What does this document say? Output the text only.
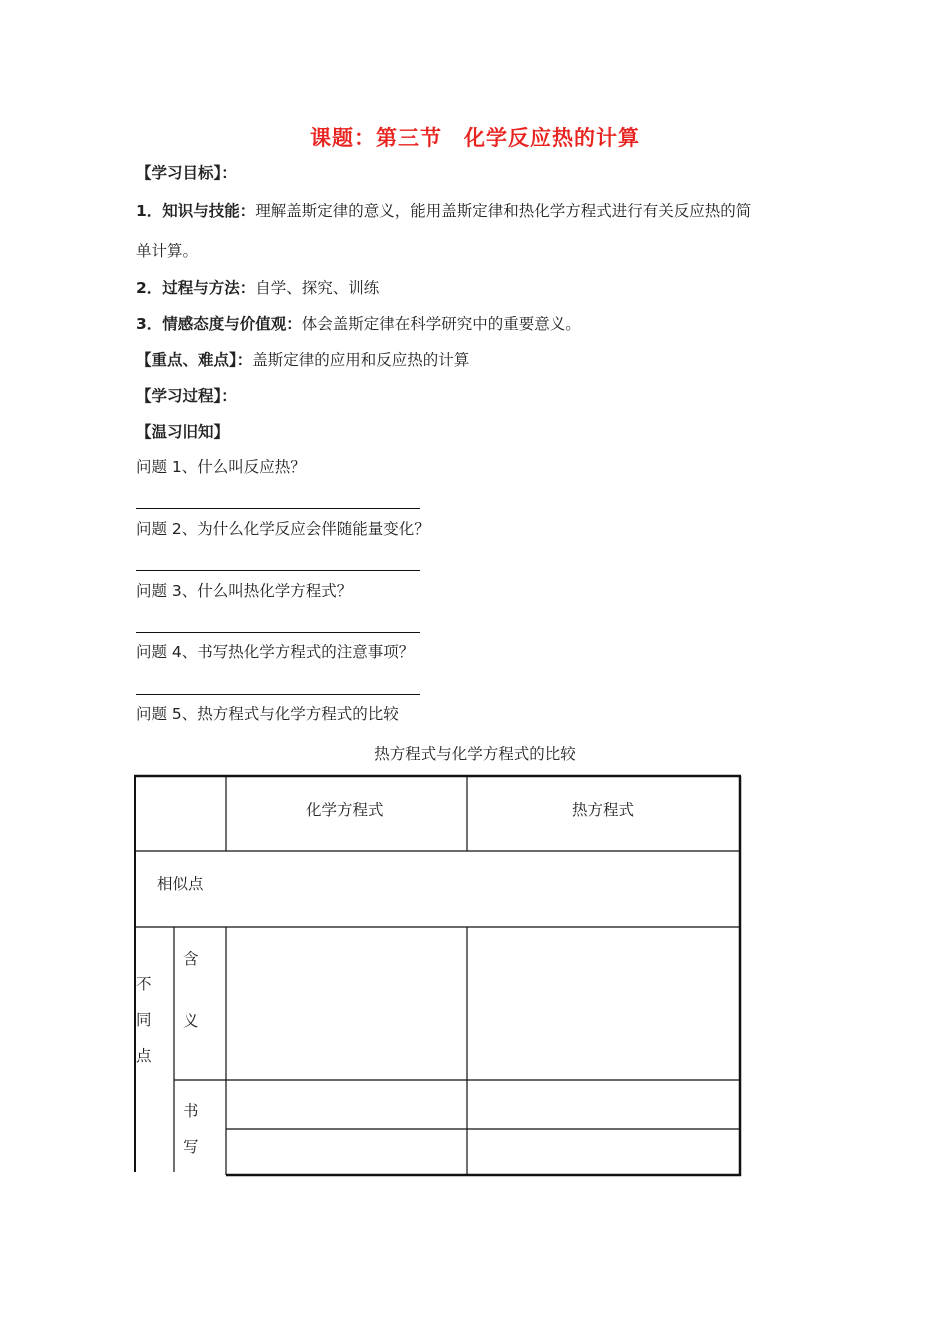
课题：第三节　化学反应热的计算
【学习目标】：
1．知识与技能：理解盖斯定律的意义，能用盖斯定律和热化学方程式进行有关反应热的简
单计算。
2．过程与方法：自学、探究、训练
3．情感态度与价值观：体会盖斯定律在科学研究中的重要意义。
【重点、难点】：盖斯定律的应用和反应热的计算
【学习过程】：
【温习旧知】
问题 1、什么叫反应热？
问题 2、为什么化学反应会伴随能量变化？
问题 3、什么叫热化学方程式？
问题 4、书写热化学方程式的注意事项？
问题 5、热方程式与化学方程式的比较
热方程式与化学方程式的比较
化学方程式	热方程式
相似点
不
同
点
含
义
书
写
